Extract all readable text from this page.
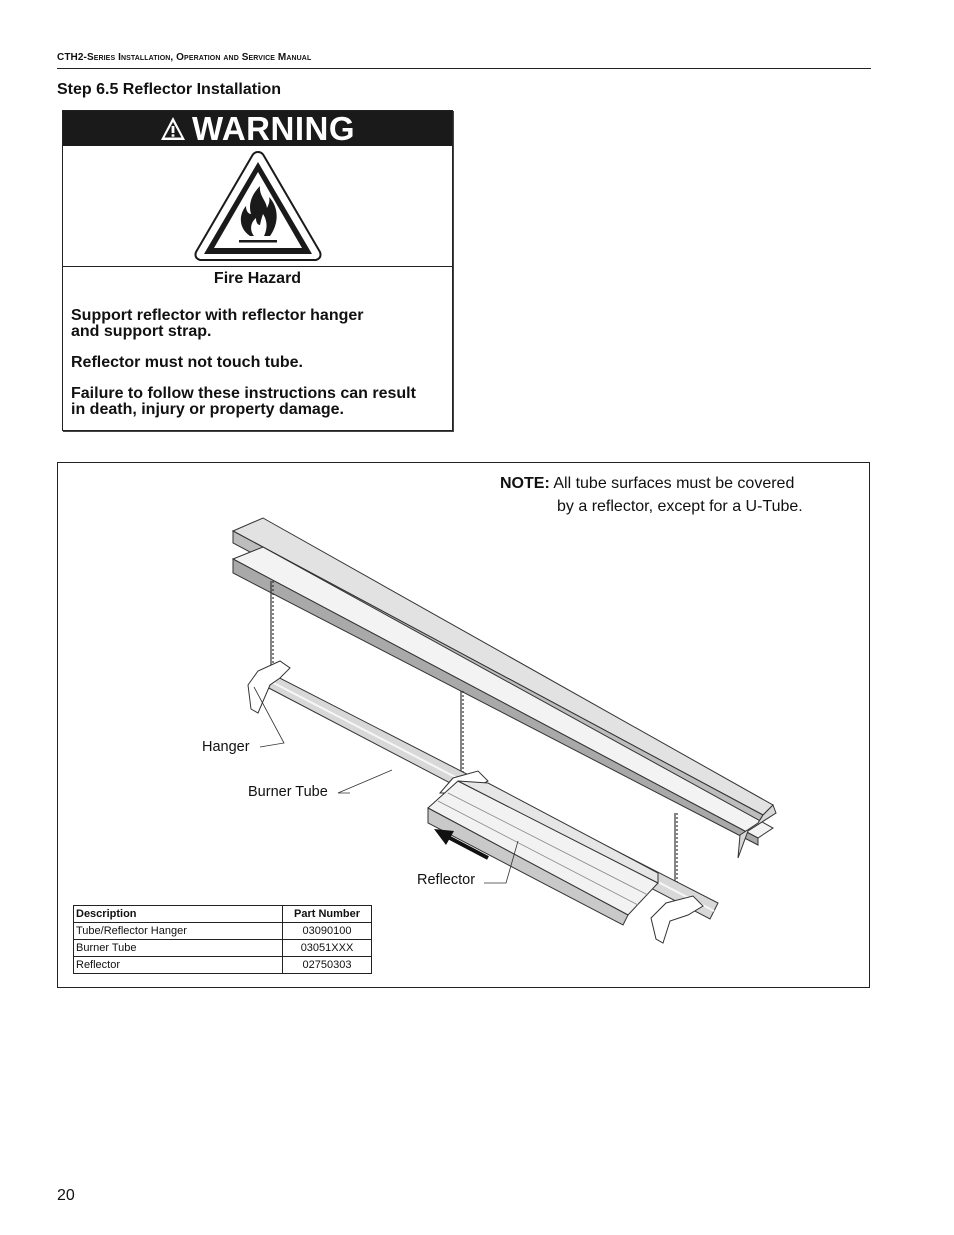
CTH2-Series Installation, Operation and Service Manual
Step 6.5 Reflector Installation
WARNING
Fire Hazard
Support reflector with reflector hanger
and support strap.
Reflector must not touch tube.
Failure to follow these instructions can result
in death, injury or property damage.
NOTE: All tube surfaces must be covered
by a reflector, except for a U-Tube.
Hanger
Burner Tube
Reflector
Description	Part Number
Tube/Reflector Hanger	03090100
Burner Tube	03051XXX
Reflector	02750303
20
